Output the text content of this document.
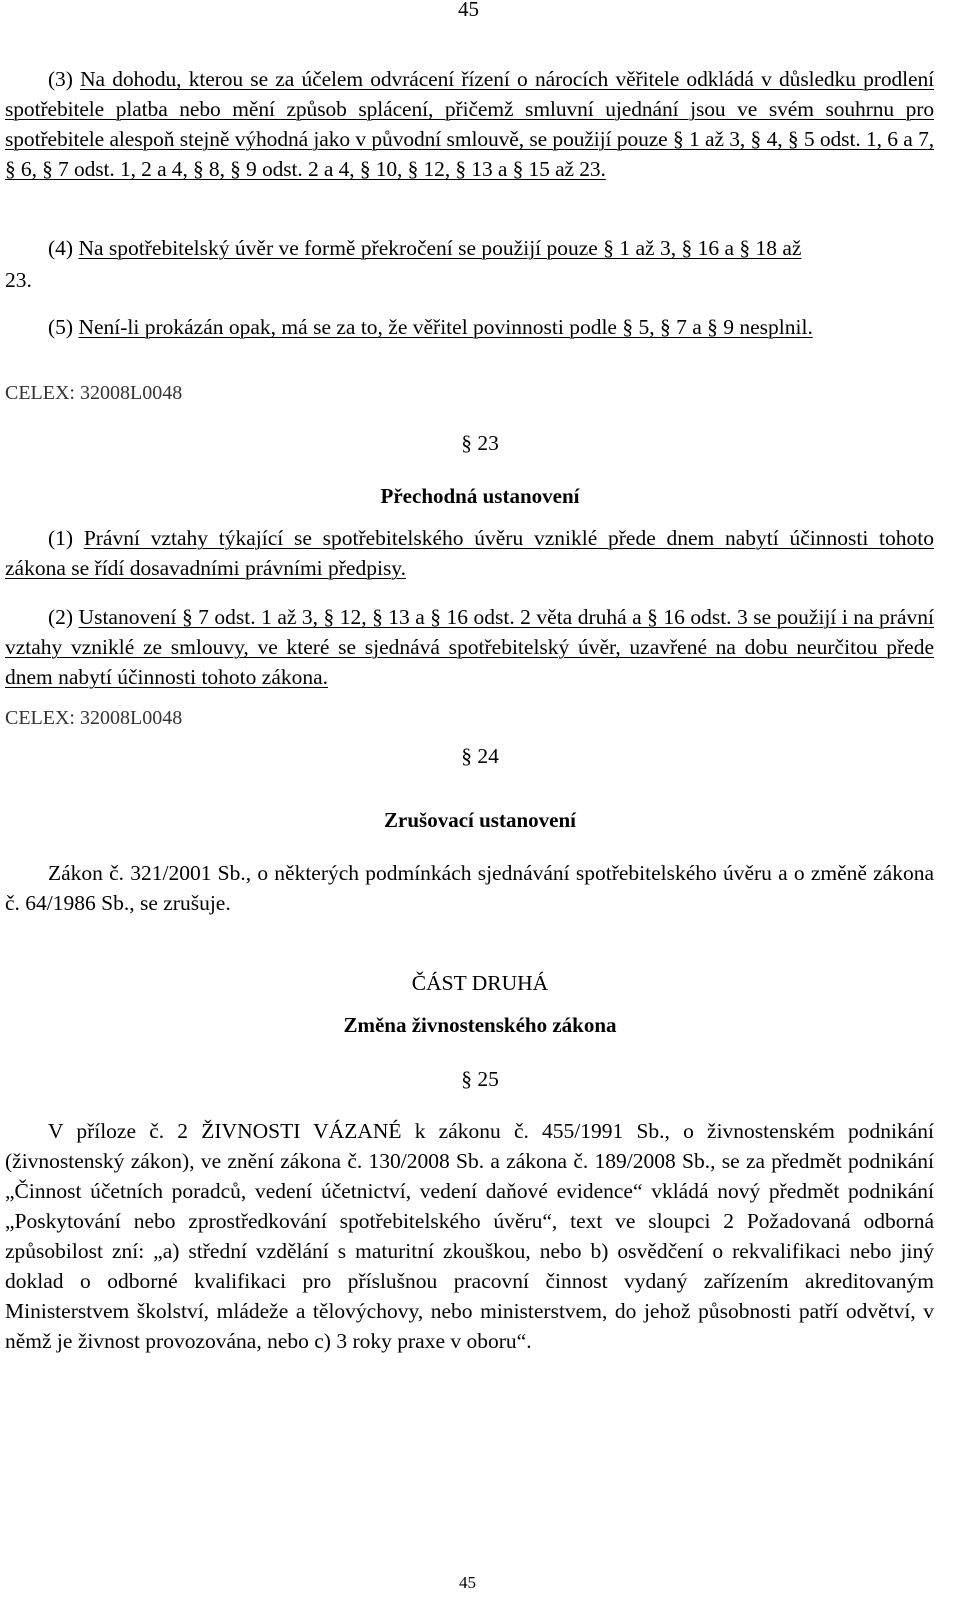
45

(3) Na dohodu, kterou se za účelem odvrácení řízení o nárocích věřitele odkládá v důsledku prodlení spotřebitele platba nebo mění způsob splácení, přičemž smluvní ujednání jsou ve svém souhrnu pro spotřebitele alespoň stejně výhodná jako v původní smlouvě, se použijí pouze § 1 až 3, § 4, § 5 odst. 1, 6 a 7, § 6, § 7 odst. 1, 2 a 4, § 8, § 9 odst. 2 a 4, § 10, § 12, § 13 a § 15 až 23.

(4) Na spotřebitelský úvěr ve formě překročení se použijí pouze § 1 až 3, § 16 a § 18 až

23.

(5) Není-li prokázán opak, má se za to, že věřitel povinnosti podle § 5, § 7 a § 9 nesplnil.

CELEX: 32008L0048
§ 23
Přechodná ustanovení

(1) Právní vztahy týkající se spotřebitelského úvěru vzniklé přede dnem nabytí účinnosti tohoto zákona se řídí dosavadními právními předpisy.

(2) Ustanovení § 7 odst. 1 až 3, § 12, § 13 a § 16 odst. 2 věta druhá a § 16 odst. 3 se použijí i na právní vztahy vzniklé ze smlouvy, ve které se sjednává spotřebitelský úvěr, uzavřené na dobu neurčitou přede dnem nabytí účinnosti tohoto zákona.

CELEX: 32008L0048
§ 24
Zrušovací ustanovení

Zákon č. 321/2001 Sb., o některých podmínkách sjednávání spotřebitelského úvěru a o změně zákona č. 64/1986 Sb., se zrušuje.

ČÁST DRUHÁ
Změna živnostenského zákona
§ 25

V příloze č. 2 ŽIVNOSTI VÁZANÉ k zákonu č. 455/1991 Sb., o živnostenském podnikání (živnostenský zákon), ve znění zákona č. 130/2008 Sb. a zákona č. 189/2008 Sb., se za předmět podnikání „Činnost účetních poradců, vedení účetnictví, vedení daňové evidence“ vkládá nový předmět podnikání „Poskytování nebo zprostředkování spotřebitelského úvěru“, text ve sloupci 2 Požadovaná odborná způsobilost zní: „a) střední vzdělání s maturitní zkouškou, nebo b) osvědčení o rekvalifikaci nebo jiný doklad o odborné kvalifikaci pro příslušnou pracovní činnost vydaný zařízením akreditovaným Ministerstvem školství, mládeže a tělovýchovy, nebo ministerstvem, do jehož působnosti patří odvětví, v němž je živnost provozována, nebo c) 3 roky praxe v oboru“.

45
